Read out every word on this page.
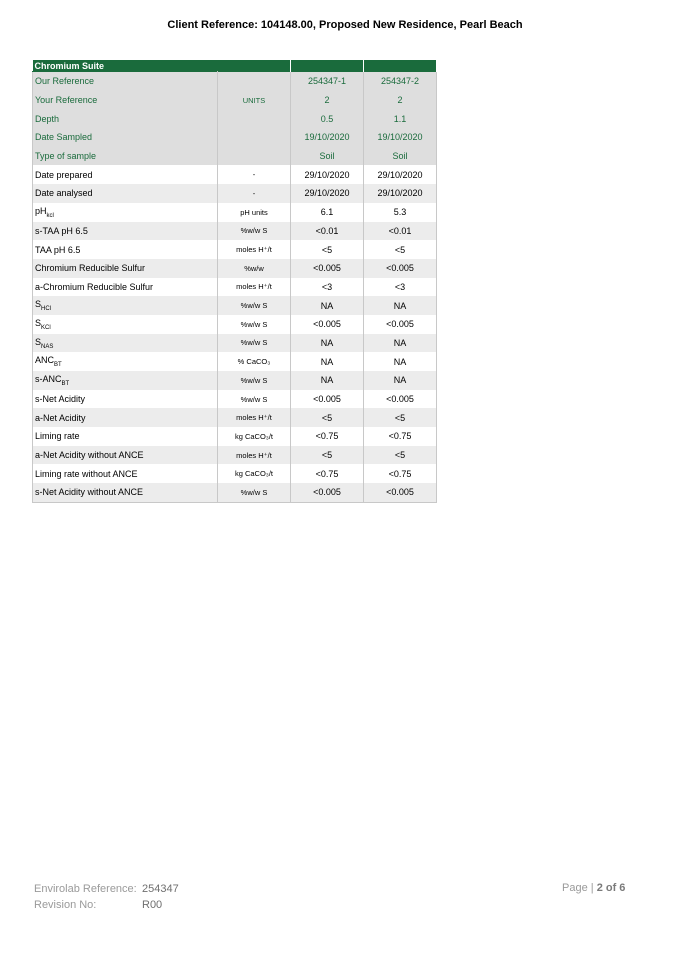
Client Reference: 104148.00, Proposed New Residence, Pearl Beach
Chromium Suite			
Our Reference		254347-1	254347-2
Your Reference	UNITS	2	2
Depth		0.5	1.1
Date Sampled		19/10/2020	19/10/2020
Type of sample		Soil	Soil
Date prepared	-	29/10/2020	29/10/2020
Date analysed	-	29/10/2020	29/10/2020
$pH_{kcl}$	pH units	6.1	5.3
s-TAA pH 6.5	%w/w S	<0.01	<0.01
TAA pH 6.5	moles H⁺/t	<5	<5
Chromium Reducible Sulfur	%w/w	<0.005	<0.005
a-Chromium Reducible Sulfur	moles H⁺/t	<3	<3
$S_{HCl}$	%w/w S	NA	NA
$S_{KCl}$	%w/w S	<0.005	<0.005
$S_{NAS}$	%w/w S	NA	NA
$ANC_{BT}$	% CaCO₃	NA	NA
$s-ANC_{BT}$	%w/w S	NA	NA
s-Net Acidity	%w/w S	<0.005	<0.005
a-Net Acidity	moles H⁺/t	<5	<5
Liming rate	kg CaCO₃/t	<0.75	<0.75
a-Net Acidity without ANCE	moles H⁺/t	<5	<5
Liming rate without ANCE	kg CaCO₃/t	<0.75	<0.75
s-Net Acidity without ANCE	%w/w S	<0.005	<0.005
Envirolab Reference: 254347
Revision No:	R00
Page | 2 of 6
